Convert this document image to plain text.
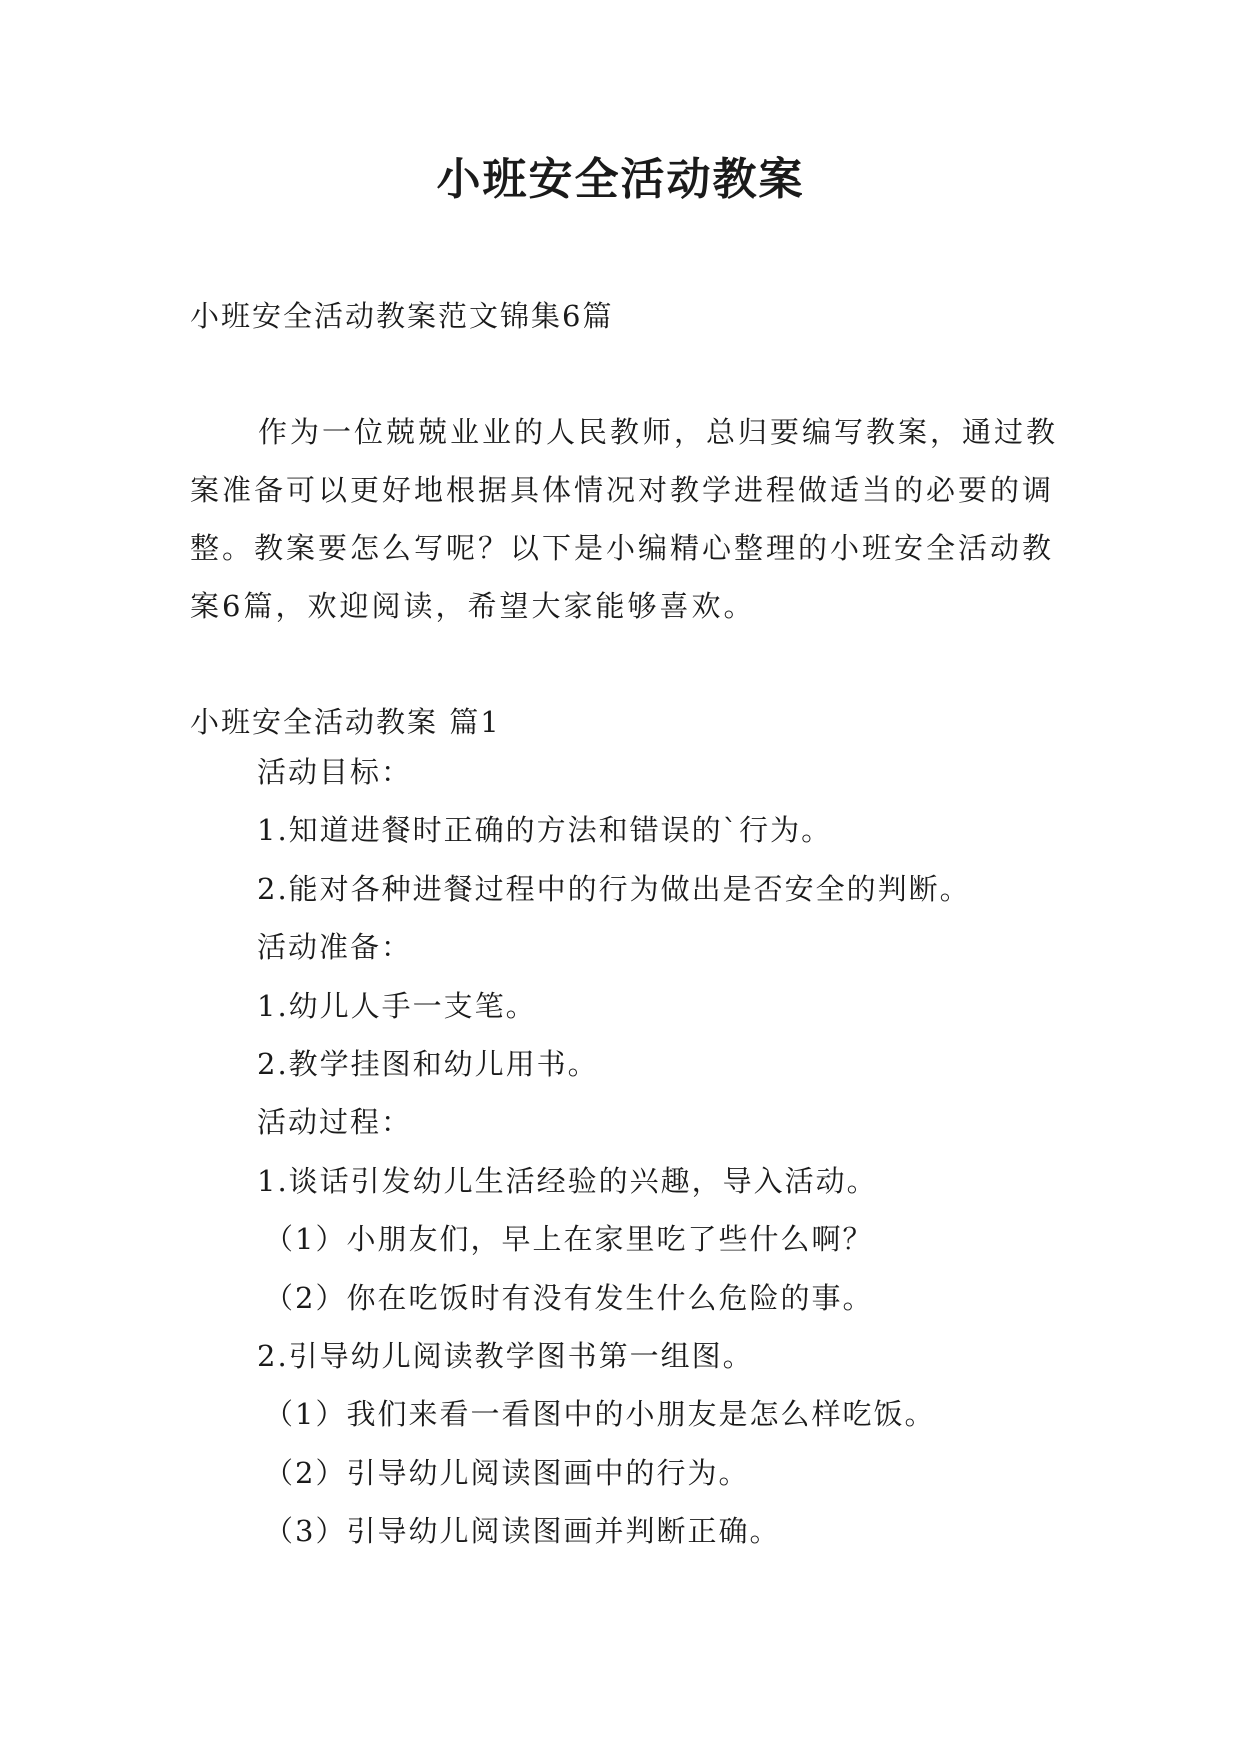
小班安全活动教案
小班安全活动教案范文锦集6篇

作为一位兢兢业业的人民教师，总归要编写教案，通过教案准备可以更好地根据具体情况对教学进程做适当的必要的调整。教案要怎么写呢？以下是小编精心整理的小班安全活动教案6篇，欢迎阅读，希望大家能够喜欢。

小班安全活动教案 篇1
活动目标：
1.知道进餐时正确的方法和错误的`行为。
2.能对各种进餐过程中的行为做出是否安全的判断。
活动准备：
1.幼儿人手一支笔。
2.教学挂图和幼儿用书。
活动过程：
1.谈话引发幼儿生活经验的兴趣，导入活动。
（1）小朋友们，早上在家里吃了些什么啊？
（2）你在吃饭时有没有发生什么危险的事。
2.引导幼儿阅读教学图书第一组图。
（1）我们来看一看图中的小朋友是怎么样吃饭。
（2）引导幼儿阅读图画中的行为。
（3）引导幼儿阅读图画并判断正确。
